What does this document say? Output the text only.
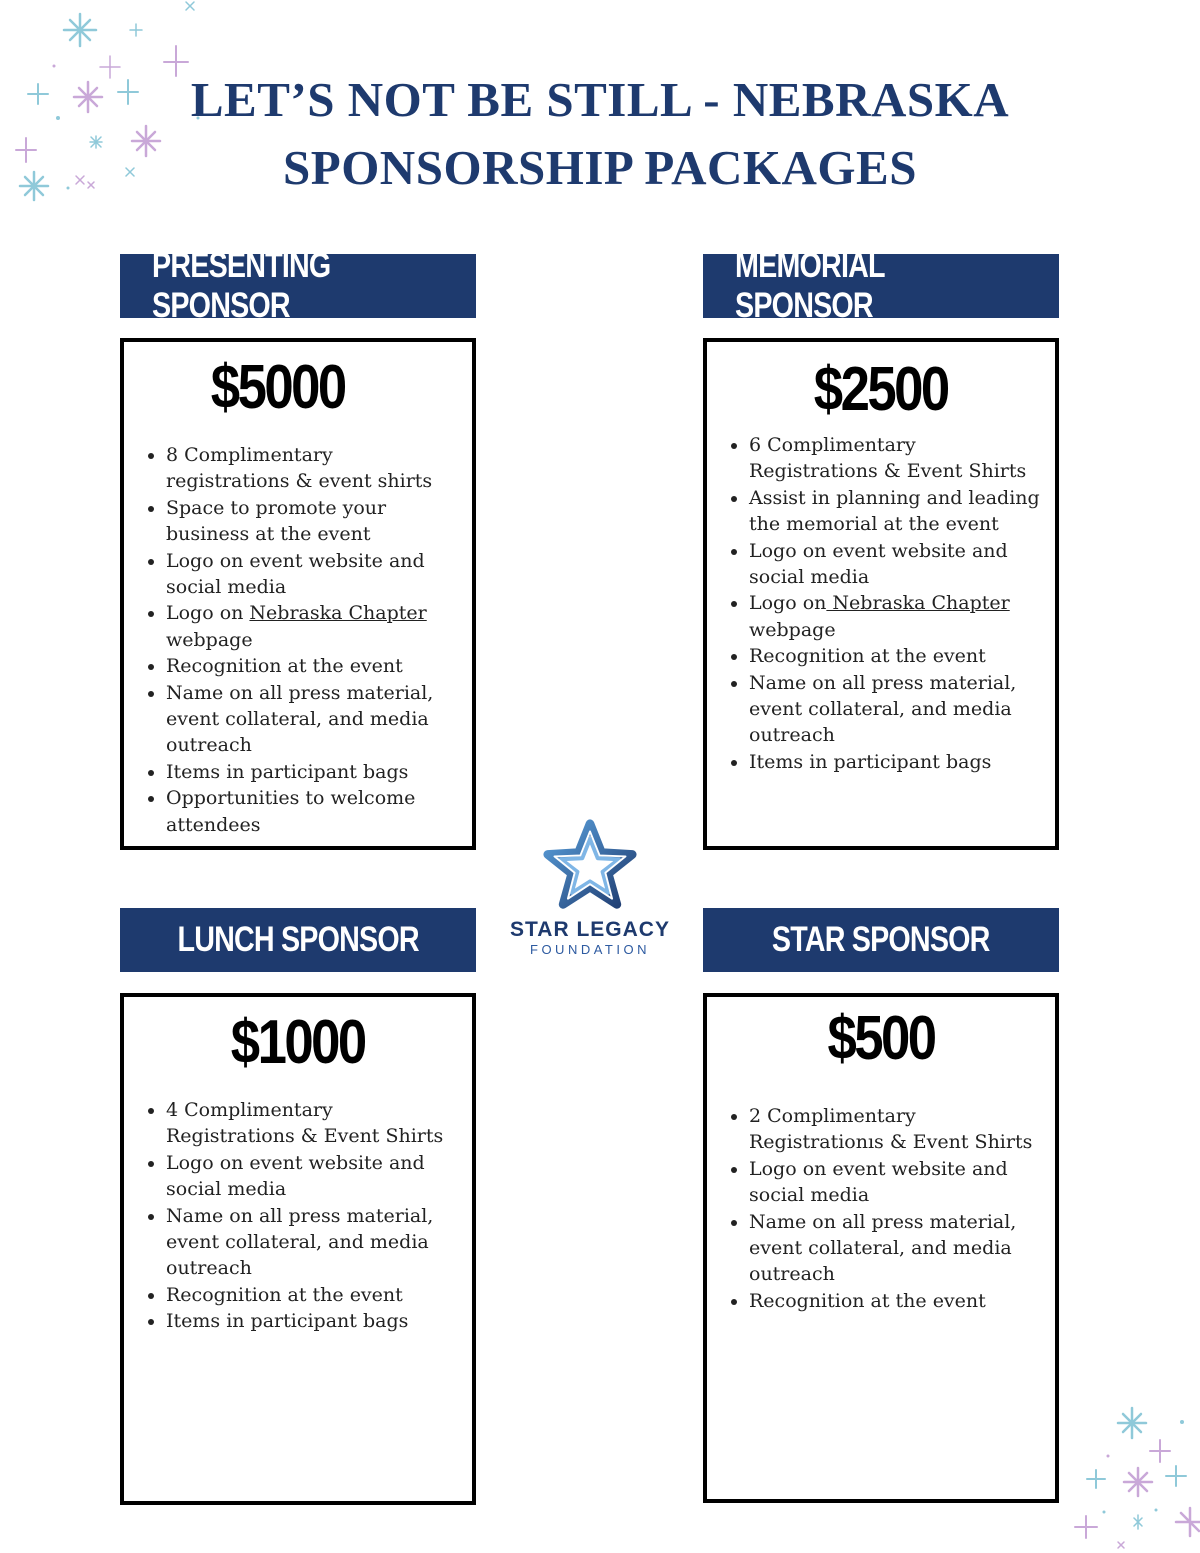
LET’S NOT BE STILL - NEBRASKA
SPONSORSHIP PACKAGES
PRESENTING SPONSOR
$5000
• 8 Complimentary registrations & event shirts
• Space to promote your business at the event
• Logo on event website and social media
• Logo on Nebraska Chapter webpage
• Recognition at the event
• Name on all press material, event collateral, and media outreach
• Items in participant bags
• Opportunities to welcome attendees
MEMORIAL SPONSOR
$2500
• 6 Complimentary Registrations & Event Shirts
• Assist in planning and leading the memorial at the event
• Logo on event website and social media
• Logo on Nebraska Chapter webpage
• Recognition at the event
• Name on all press material, event collateral, and media outreach
• Items in participant bags
STAR LEGACY
FOUNDATION
LUNCH SPONSOR
$1000
• 4 Complimentary Registrations & Event Shirts
• Logo on event website and social media
• Name on all press material, event collateral, and media outreach
• Recognition at the event
• Items in participant bags
STAR SPONSOR
$500
• 2 Complimentary Registrationıs & Event Shirts
• Logo on event website and social media
• Name on all press material, event collateral, and media outreach
• Recognition at the event
